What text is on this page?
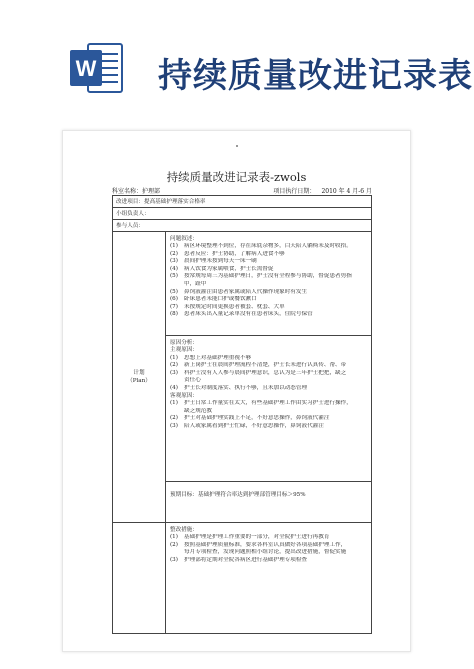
W 持续质量改进记录表
持续质量改进记录表-zwols
科室名称：护理部	项目执行日期： 2010 年 4 月-6 月
改进项目：提高基础护理落实合格率
小组负责人：
参与人员：
计划
（Plan）
问题叙述：
(1)	病区环境整理不到位，存在床底杂物多，白天陪人躺椅未及时收拾。
(2)	患者反应：护士协助，了解病人进食不够
(3)	晨间护理未按到每天一床一刷
(4)	病人饮食为家属喂食，护士长需督促
(5)	按常规每周三为基础护理日，护士没有全程参与协助，督促患者剪指
甲，趾甲
(5)	鼻饲液灌注由患者家属或陪人代操作现象时有发生
(6)	卧床患者未能口护或餐饮漱口
(7)	未按规定时间更换患者被套、枕套、大单
(8)	患者床头出入量记录单没有在患者床头，住院号保管
原因分析：
主观原因：
(1)	思想上对基础护理重视不够
(2)	新上岗护士在晨间护理流程不清楚，护士长未进行认真传、帮、带
(3)	科护士没有人人参与晨间护理意识，总认为是三年护士把把，缺乏
责任心
(4)	护士长对制度落实、执行不够，且未加以动态管理
客观原因：
(1)	护士日常工作量实在太大，有些基础护理工作由实习护士进行操作，
缺乏规范教
(2)	护士对基础护理实践上不足，不好意思操作，鼻饲液代灌注
(3)	陪人或家属看到护士忙碌，不好意思操作，鼻饲液代灌注
预期目标：基础护理符合率达到护理部管理目标＞95%
整改措施：
(1)	基础护理是护理工作重要的一部分，对全院护士进行再教育
(2)	按照基础护理质量标准，要求各科室认真做好各项基础护理工作，
每月专项检查，发现问题照相小组讨论，提出改进措施，督促实施
(3)	护理部将定期对全院各病区进行基础护理专项检查
